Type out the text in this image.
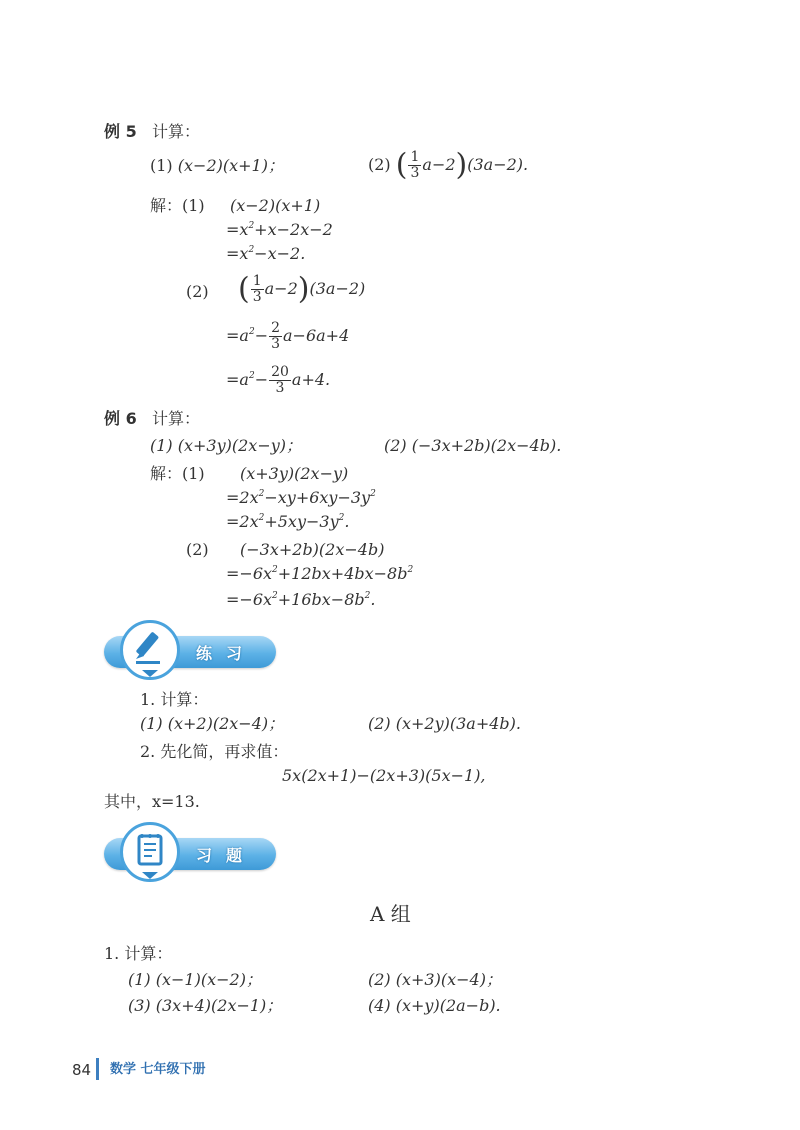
例 5 计算：
(1) (x−2)(x+1)；	(2) ( $\frac{1}{3} a-2)(3a-2)$.
解：(1) (x−2)(x+1)
$=x^2+x-2x-2$
$=x^2-x-2$.
(2) ( $\frac{1}{3} a-2)(3a-2)$
$=a^2- \frac{2}{3} a-6a+4$
$=a^2- \frac{20}{3} a+4$.
例 6 计算：
(1) (x+3y)(2x−y)；	(2) (−3x+2b)(2x−4b).
解：(1) (x+3y)(2x−y)
$=2x^2-xy+6xy-3y^2$
$=2x^2+5xy-3y^2$.
(2) (−3x+2b)(2x−4b)
$=-6x^2+12bx+4bx-8b^2$
$=-6x^2+16bx-8b^2$.
练习
1. 计算：
(1) (x+2)(2x−4)；	(2) (x+2y)(3a+4b).
2. 先化简，再求值：
5x(2x+1)−(2x+3)(5x−1),
其中，x=13.
习题
A 组
1. 计算：
(1) (x−1)(x−2)；	(2) (x+3)(x−4)；
(3) (3x+4)(2x−1)；	(4) (x+y)(2a−b).
84 数学 七年级下册
